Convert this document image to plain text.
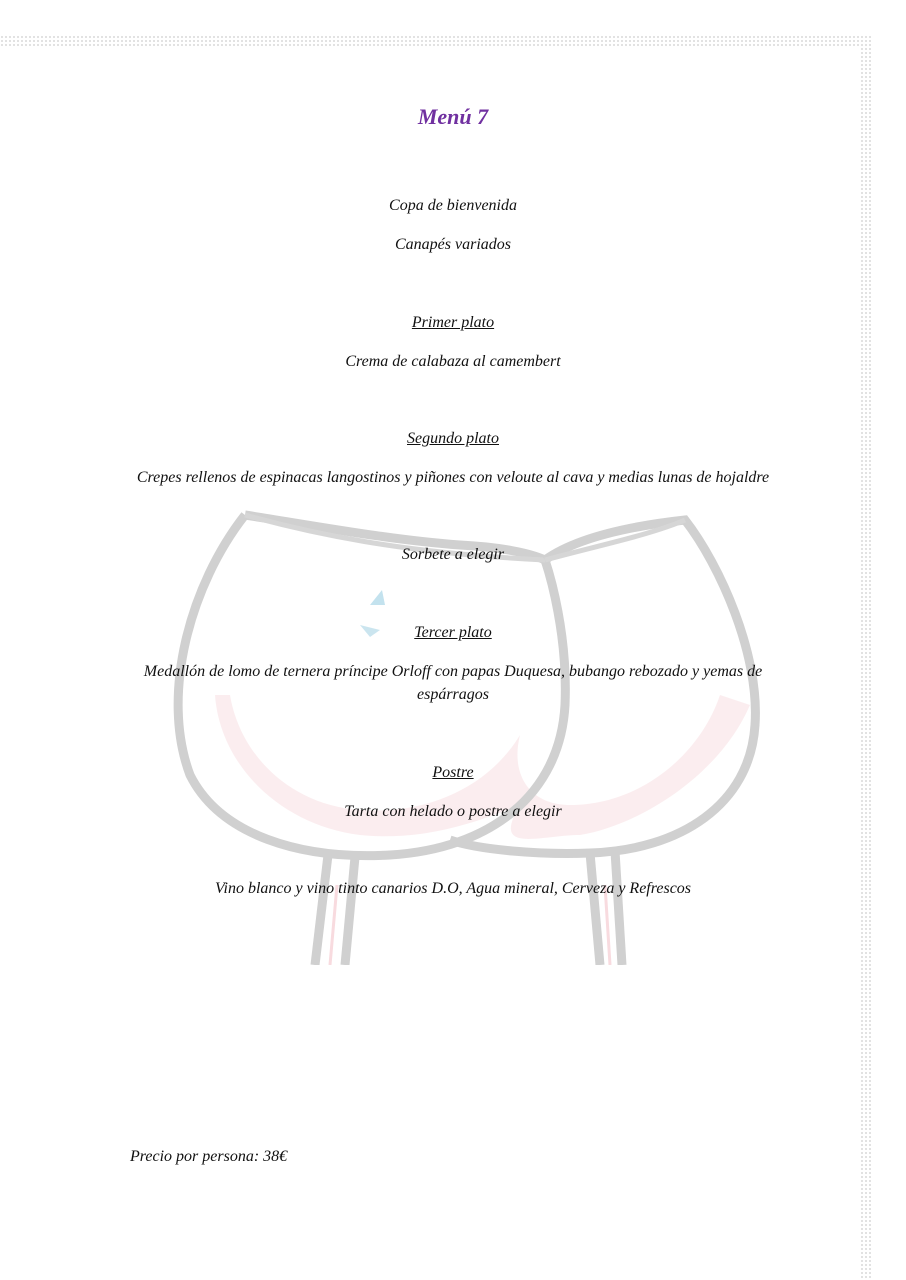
Menú 7
Copa de bienvenida
Canapés variados
Primer plato
Crema de calabaza al camembert
Segundo plato
Crepes rellenos de espinacas langostinos y piñones con veloute al cava y medias lunas de hojaldre
Sorbete a elegir
Tercer plato
Medallón de lomo de ternera príncipe Orloff con papas Duquesa, bubango rebozado y yemas de espárragos
Postre
Tarta con helado o postre a elegir
Vino blanco y vino tinto canarios D.O, Agua mineral, Cerveza y Refrescos
Precio por persona: 38€
